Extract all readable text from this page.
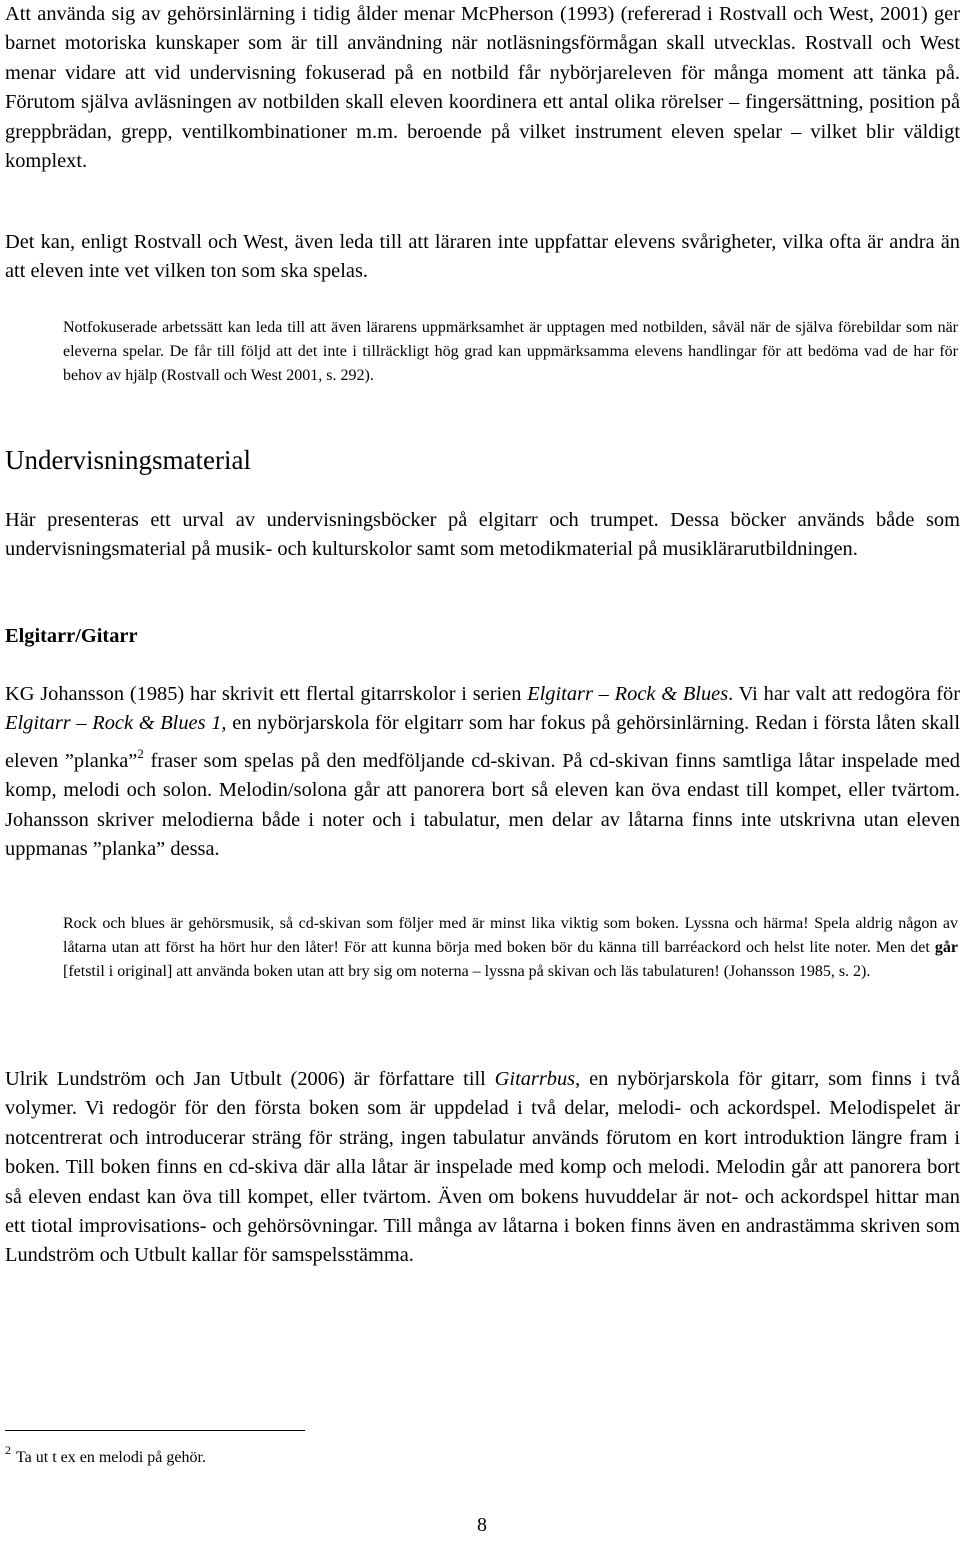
Att använda sig av gehörsinlärning i tidig ålder menar McPherson (1993) (refererad i Rostvall och West, 2001) ger barnet motoriska kunskaper som är till användning när notläsningsförmågan skall utvecklas. Rostvall och West menar vidare att vid undervisning fokuserad på en notbild får nybörjareleven för många moment att tänka på. Förutom själva avläsningen av notbilden skall eleven koordinera ett antal olika rörelser – fingersättning, position på greppbrädan, grepp, ventilkombinationer m.m. beroende på vilket instrument eleven spelar – vilket blir väldigt komplext.

Det kan, enligt Rostvall och West, även leda till att läraren inte uppfattar elevens svårigheter, vilka ofta är andra än att eleven inte vet vilken ton som ska spelas.

Notfokuserade arbetssätt kan leda till att även lärarens uppmärksamhet är upptagen med notbilden, såväl när de själva förebildar som när eleverna spelar. De får till följd att det inte i tillräckligt hög grad kan uppmärksamma elevens handlingar för att bedöma vad de har för behov av hjälp (Rostvall och West 2001, s. 292).

Undervisningsmaterial

Här presenteras ett urval av undervisningsböcker på elgitarr och trumpet. Dessa böcker används både som undervisningsmaterial på musik- och kulturskolor samt som metodikmaterial på musiklärarutbildningen.

Elgitarr/Gitarr

KG Johansson (1985) har skrivit ett flertal gitarrskolor i serien Elgitarr – Rock & Blues. Vi har valt att redogöra för Elgitarr – Rock & Blues 1, en nybörjarskola för elgitarr som har fokus på gehörsinlärning. Redan i första låten skall eleven ”planka”$^2$ fraser som spelas på den medföljande cd-skivan. På cd-skivan finns samtliga låtar inspelade med komp, melodi och solon. Melodin/solona går att panorera bort så eleven kan öva endast till kompet, eller tvärtom. Johansson skriver melodierna både i noter och i tabulatur, men delar av låtarna finns inte utskrivna utan eleven uppmanas ”planka” dessa.

Rock och blues är gehörsmusik, så cd-skivan som följer med är minst lika viktig som boken. Lyssna och härma! Spela aldrig någon av låtarna utan att först ha hört hur den låter! För att kunna börja med boken bör du känna till barréackord och helst lite noter. Men det går [fetstil i original] att använda boken utan att bry sig om noterna – lyssna på skivan och läs tabulaturen! (Johansson 1985, s. 2).

Ulrik Lundström och Jan Utbult (2006) är författare till Gitarrbus, en nybörjarskola för gitarr, som finns i två volymer. Vi redogör för den första boken som är uppdelad i två delar, melodi- och ackordspel. Melodispelet är notcentrerat och introducerar sträng för sträng, ingen tabulatur används förutom en kort introduktion längre fram i boken. Till boken finns en cd-skiva där alla låtar är inspelade med komp och melodi. Melodin går att panorera bort så eleven endast kan öva till kompet, eller tvärtom. Även om bokens huvuddelar är not- och ackordspel hittar man ett tiotal improvisations- och gehörsövningar. Till många av låtarna i boken finns även en andrastämma skriven som Lundström och Utbult kallar för samspelsstämma.

$^2$ Ta ut t ex en melodi på gehör.

8
